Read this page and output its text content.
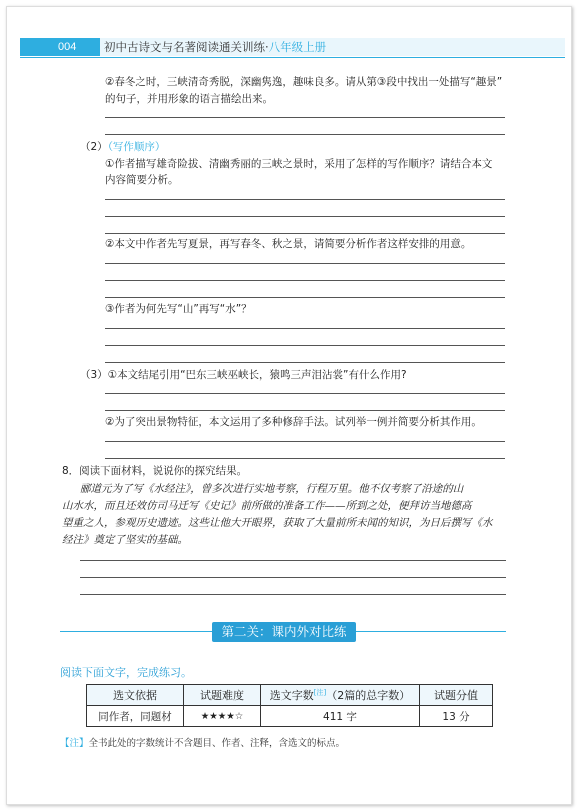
004	初中古诗文与名著阅读通关训练·八年级上册
②春冬之时，三峡清奇秀脱，深幽隽逸，趣味良多。请从第③段中找出一处描写“趣景”
的句子，并用形象的语言描绘出来。
（2）（写作顺序）
①作者描写雄奇险拔、清幽秀丽的三峡之景时，采用了怎样的写作顺序？请结合本文
内容简要分析。
②本文中作者先写夏景，再写春冬、秋之景，请简要分析作者这样安排的用意。
③作者为何先写“山”再写“水”？
（3）①本文结尾引用“巴东三峡巫峡长，猿鸣三声泪沾裳”有什么作用?
②为了突出景物特征，本文运用了多种修辞手法。试列举一例并简要分析其作用。
8．阅读下面材料，说说你的探究结果。
郦道元为了写《水经注》，曾多次进行实地考察，行程万里。他不仅考察了沿途的山
山水水，而且还效仿司马迁写《史记》前所做的准备工作——所到之处，便拜访当地德高
望重之人，参观历史遗迹。这些让他大开眼界，获取了大量前所未闻的知识，为日后撰写《水
经注》奠定了坚实的基础。
第二关：课内外对比练
阅读下面文字，完成练习。
选文依据	试题难度	选文字数[注]（2篇的总字数）	试题分值
同作者，同题材	★★★★☆	411 字	13 分
【注】全书此处的字数统计不含题目、作者、注释，含选文的标点。
